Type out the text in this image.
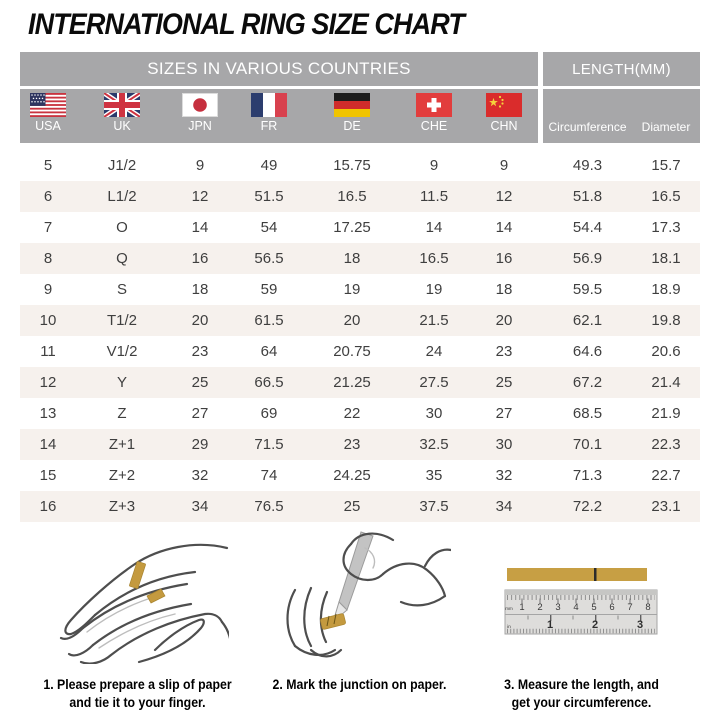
INTERNATIONAL RING SIZE CHART
SIZES IN VARIOUS COUNTRIES
USA	UK	JPN	FR	DE	CHE	CHN
LENGTH(MM)
Circumference	Diameter
5	J1/2	9	49	15.75	9	9	49.3	15.7
6	L1/2	12	51.5	16.5	11.5	12	51.8	16.5
7	O	14	54	17.25	14	14	54.4	17.3
8	Q	16	56.5	18	16.5	16	56.9	18.1
9	S	18	59	19	19	18	59.5	18.9
10	T1/2	20	61.5	20	21.5	20	62.1	19.8
11	V1/2	23	64	20.75	24	23	64.6	20.6
12	Y	25	66.5	21.25	27.5	25	67.2	21.4
13	Z	27	69	22	30	27	68.5	21.9
14	Z+1	29	71.5	23	32.5	30	70.1	22.3
15	Z+2	32	74	24.25	35	32	71.3	22.7
16	Z+3	34	76.5	25	37.5	34	72.2	23.1
1. Please prepare a slip of paper
and tie it to your finger.
2. Mark the junction on paper.
mm 1 2 3 4 5 6 7 8
in	1	2	3
3. Measure the length, and
get your circumference.
